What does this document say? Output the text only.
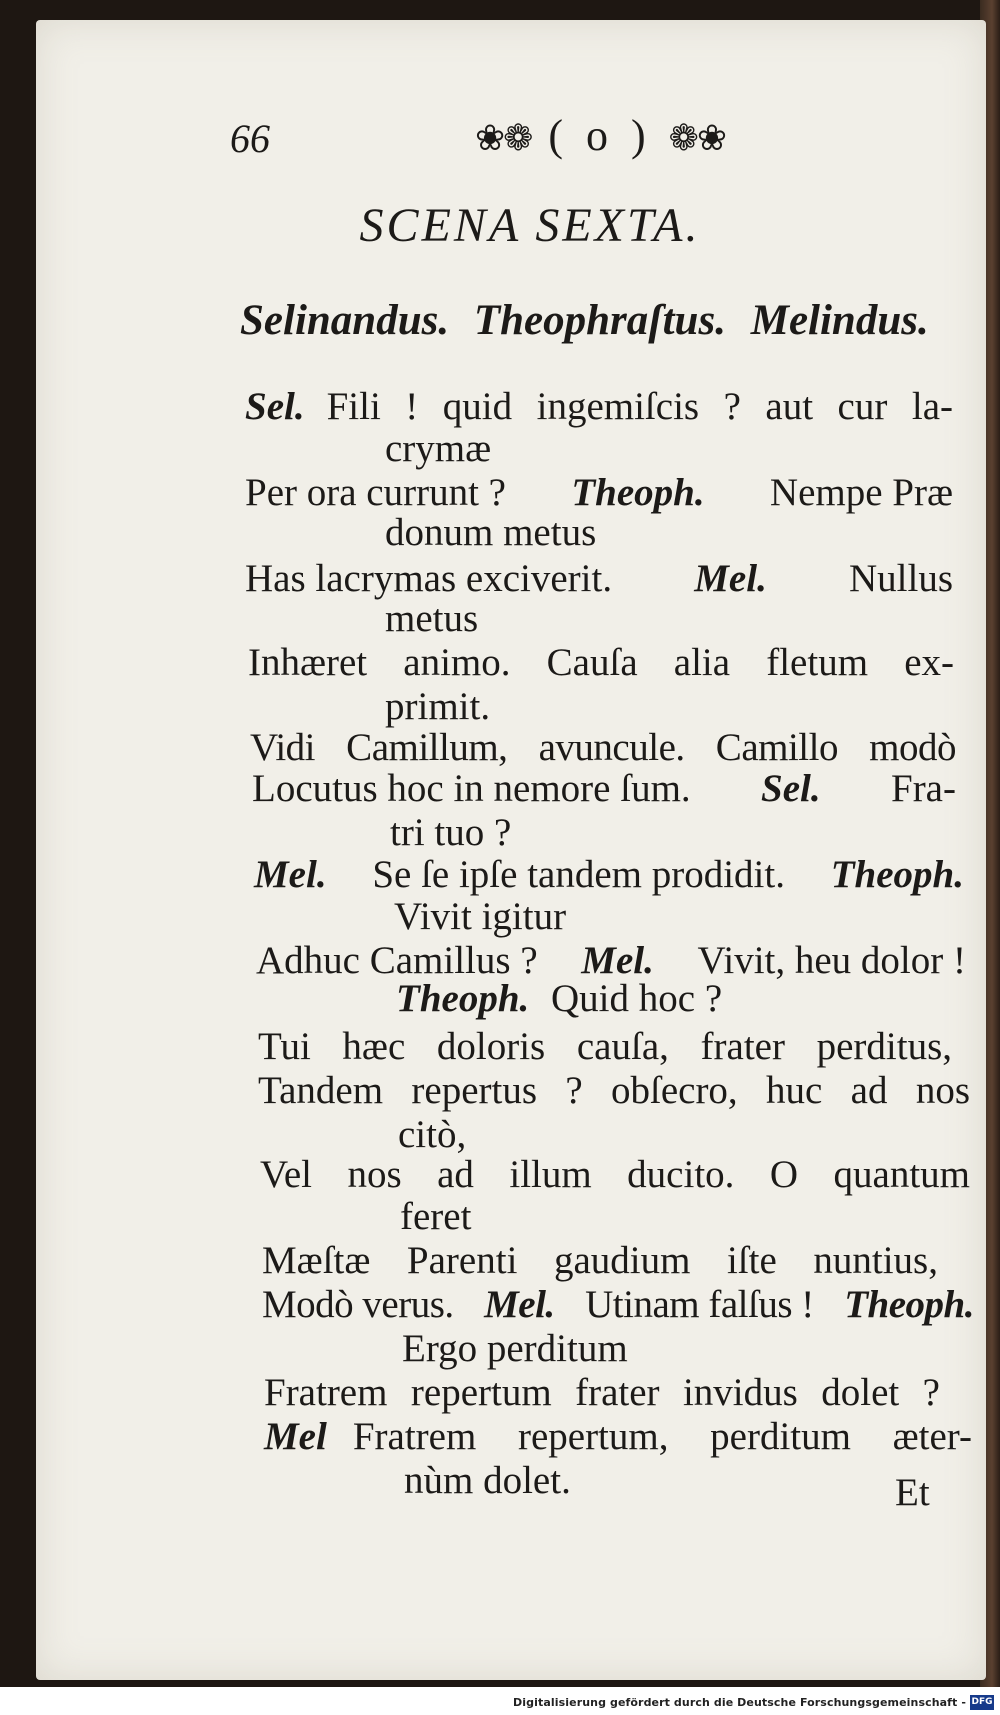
66	❀❁ ( o ) ❁❀
SCENA SEXTA.
Selinandus. Theophraſtus. Melindus.
Sel. Fili ! quid ingemiſcis ? aut cur la-
crymæ
Per ora currunt ? Theoph. Nempe Præ
donum metus
Has lacrymas exciverit. Mel. Nullus
metus
Inhæret animo. Cauſa alia fletum ex-
primit.
Vidi Camillum, avuncule. Camillo modò
Locutus hoc in nemore ſum. Sel. Fra-
tri tuo ?
Mel. Se ſe ipſe tandem prodidit. Theoph.
Vivit igitur
Adhuc Camillus ? Mel. Vivit, heu dolor !
Theoph. Quid hoc ?
Tui hæc doloris cauſa, frater perditus,
Tandem repertus ? obſecro, huc ad nos
citò,
Vel nos ad illum ducito. O quantum
feret
Mæſtæ Parenti gaudium iſte nuntius,
Modò verus. Mel. Utinam falſus ! Theoph.
Ergo perditum
Fratrem repertum frater invidus dolet ?
Mel Fratrem repertum, perditum æter-
nùm dolet.	Et
Digitalisierung gefördert durch die Deutsche Forschungsgemeinschaft - DFG
